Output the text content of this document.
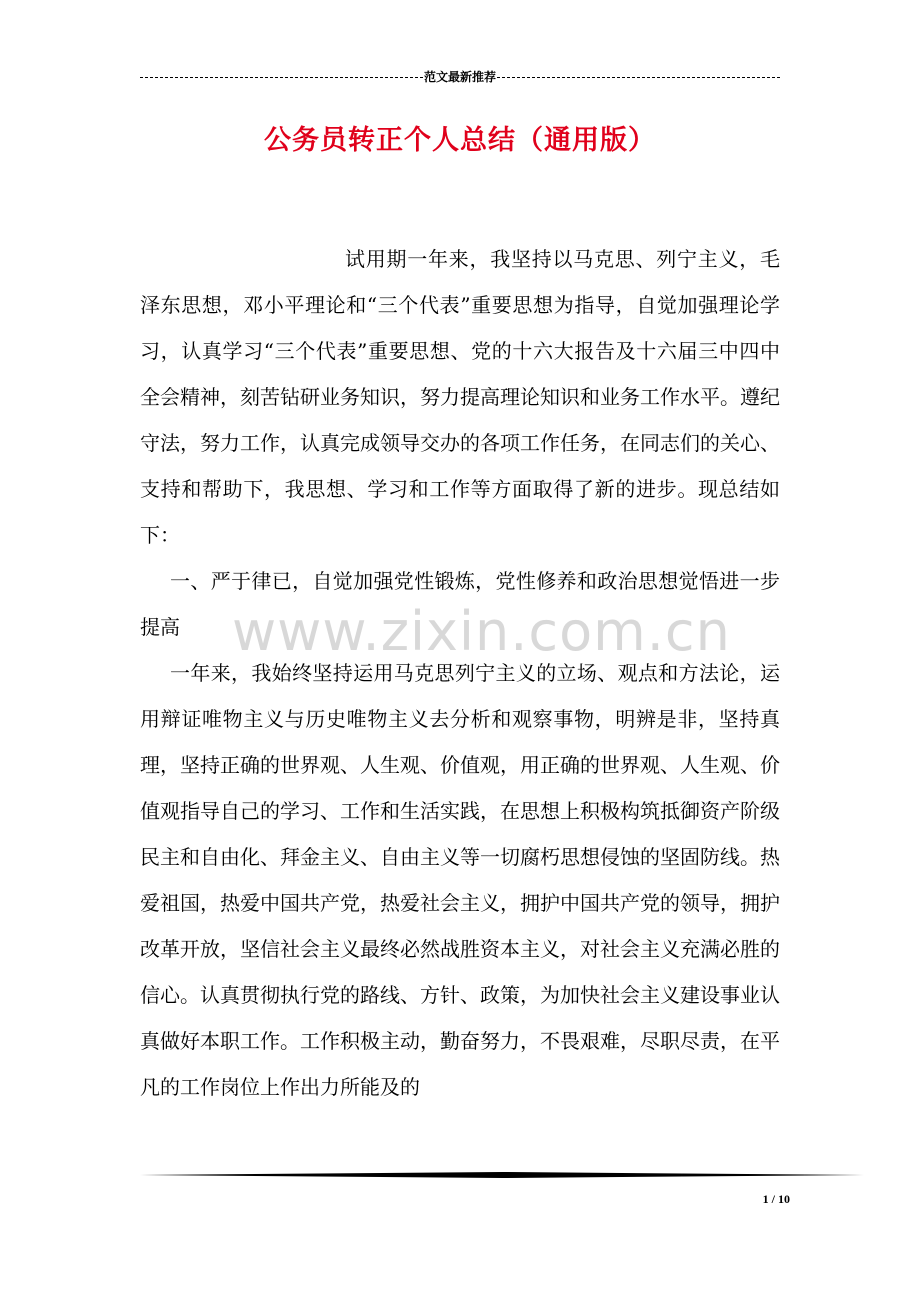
范文最新推荐
公务员转正个人总结（通用版）

试用期一年来，我坚持以马克思、列宁主义，毛泽东思想，邓小平理论和“三个代表”重要思想为指导，自觉加强理论学习，认真学习“三个代表”重要思想、党的十六大报告及十六届三中四中全会精神，刻苦钻研业务知识，努力提高理论知识和业务工作水平。遵纪守法，努力工作，认真完成领导交办的各项工作任务，在同志们的关心、支持和帮助下，我思想、学习和工作等方面取得了新的进步。现总结如下：

一、严于律已，自觉加强党性锻炼，党性修养和政治思想觉悟进一步提高

一年来，我始终坚持运用马克思列宁主义的立场、观点和方法论，运用辩证唯物主义与历史唯物主义去分析和观察事物，明辨是非，坚持真理，坚持正确的世界观、人生观、价值观，用正确的世界观、人生观、价值观指导自己的学习、工作和生活实践，在思想上积极构筑抵御资产阶级民主和自由化、拜金主义、自由主义等一切腐朽思想侵蚀的坚固防线。热爱祖国，热爱中国共产党，热爱社会主义，拥护中国共产党的领导，拥护改革开放，坚信社会主义最终必然战胜资本主义，对社会主义充满必胜的信心。认真贯彻执行党的路线、方针、政策，为加快社会主义建设事业认真做好本职工作。工作积极主动，勤奋努力，不畏艰难，尽职尽责，在平凡的工作岗位上作出力所能及的

www.zixin.com.cn
1 / 10
